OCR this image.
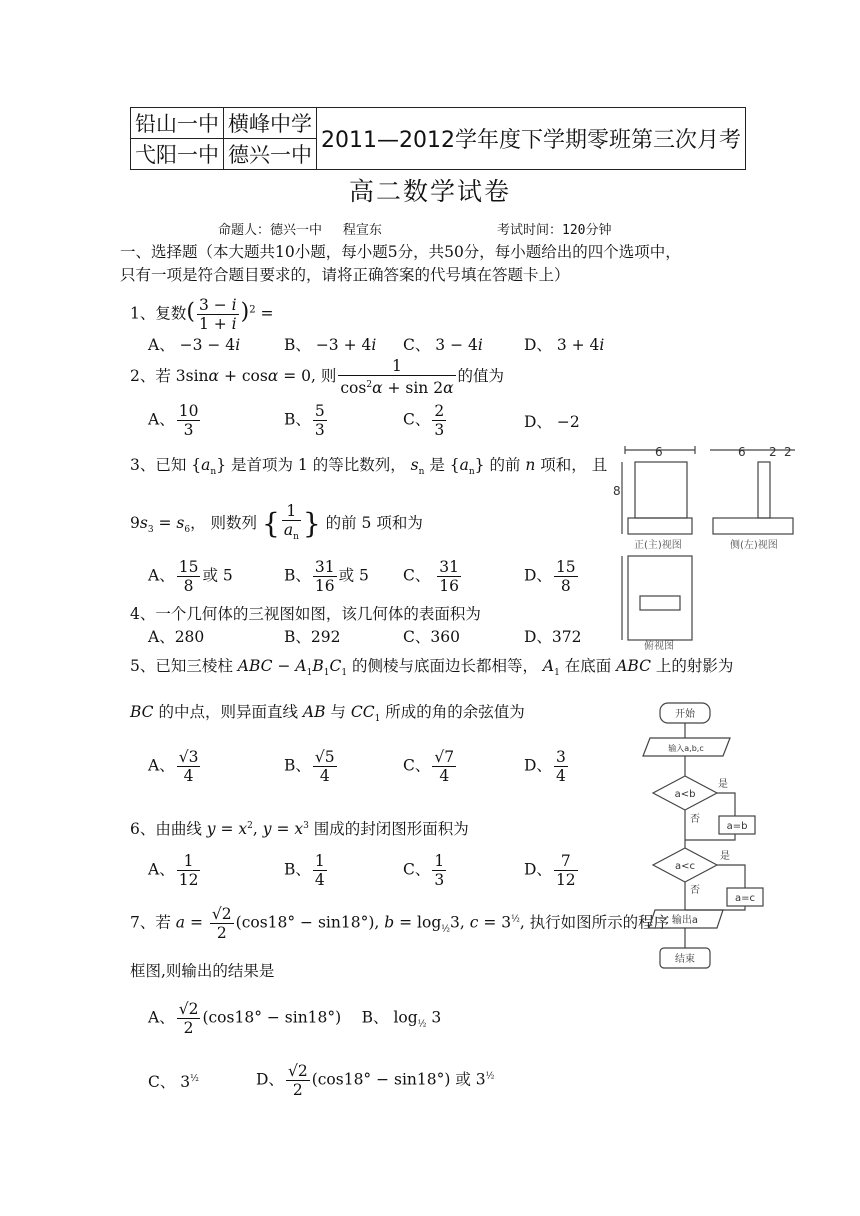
铅山一中	横峰中学	2011—2012学年度下学期零班第三次月考
弋阳一中	德兴一中	
高二数学试卷
命题人：德兴一中　 程宣东	考试时间：120分钟
一、选择题（本大题共10小题，每小题5分，共50分，每小题给出的四个选项中，
只有一项是符合题目要求的，请将正确答案的代号填在答题卡上）
1、复数( $\frac{3 - i}{1 + i} )^2$ =
A、 −3 − 4i	B、 −3 + 4i C、 3 − 4i	D、 3 + 4i
2、若 3sinα + cosα = 0, 则 $\frac{1}{\cos^2\alpha + \sin 2\alpha}$ 的值为
A、 $\frac{10}{3}$	B、 $\frac{5}{3}$	C、 $\frac{2}{3}$	D、 −2
3、已知 $\{a_n\}$ 是首项为 1 的等比数列， $s_n$ 是 $\{a_n\}$ 的前 n 项和， 且
$9s_3 = s_6$， 则数列 { $\frac{1}{a_n}$ } 的前 5 项和为
A、 $\frac{15}{8}$ 或 5	B、 $\frac{31}{16}$ 或 5 C、 $\frac{31}{16}$	D、 $\frac{15}{8}$
4、一个几何体的三视图如图，该几何体的表面积为
A、280	B、292	C、360	D、372
5、已知三棱柱 ABC − $A_1B_1C_1$ 的侧棱与底面边长都相等， $A_1$ 在底面 ABC 上的射影为
BC 的中点，则异面直线 AB 与 $CC_1$ 所成的角的余弦值为
A、 $\frac{√3}{4}$	B、 $\frac{√5}{4}$	C、 $\frac{√7}{4}$	D、 $\frac{3}{4}$
6、由曲线 $y = x^2$, $y = x^3$ 围成的封闭图形面积为
A、 $\frac{1}{12}$	B、 $\frac{1}{4}$	C、 $\frac{1}{3}$	D、 $\frac{7}{12}$
7、若 $a = \frac{√2}{2} (\cos 18^\circ - \sin 18^\circ)$, $b = \log_{\frac{1}{2}}3$, $c = 3^{\frac{1}{2}}$, 执行如图所示的程序
框图,则输出的结果是
A、 $\frac{√2}{2} (\cos 18^\circ - \sin 18^\circ)$　 B、 $\log_{\frac{1}{2}} 3$
C、 $3^{\frac{1}{2}}$	D、 $\frac{√2}{2} (\cos 18^\circ - \sin 18^\circ)$ 或 $3^{\frac{1}{2}}$
6	6 2 2
8
正(主)视图	侧(左)视图
俯视图
开始
输入a,b,c
a<b
a=b
a<c
a=c
输出a
结束
是
否
是
否
